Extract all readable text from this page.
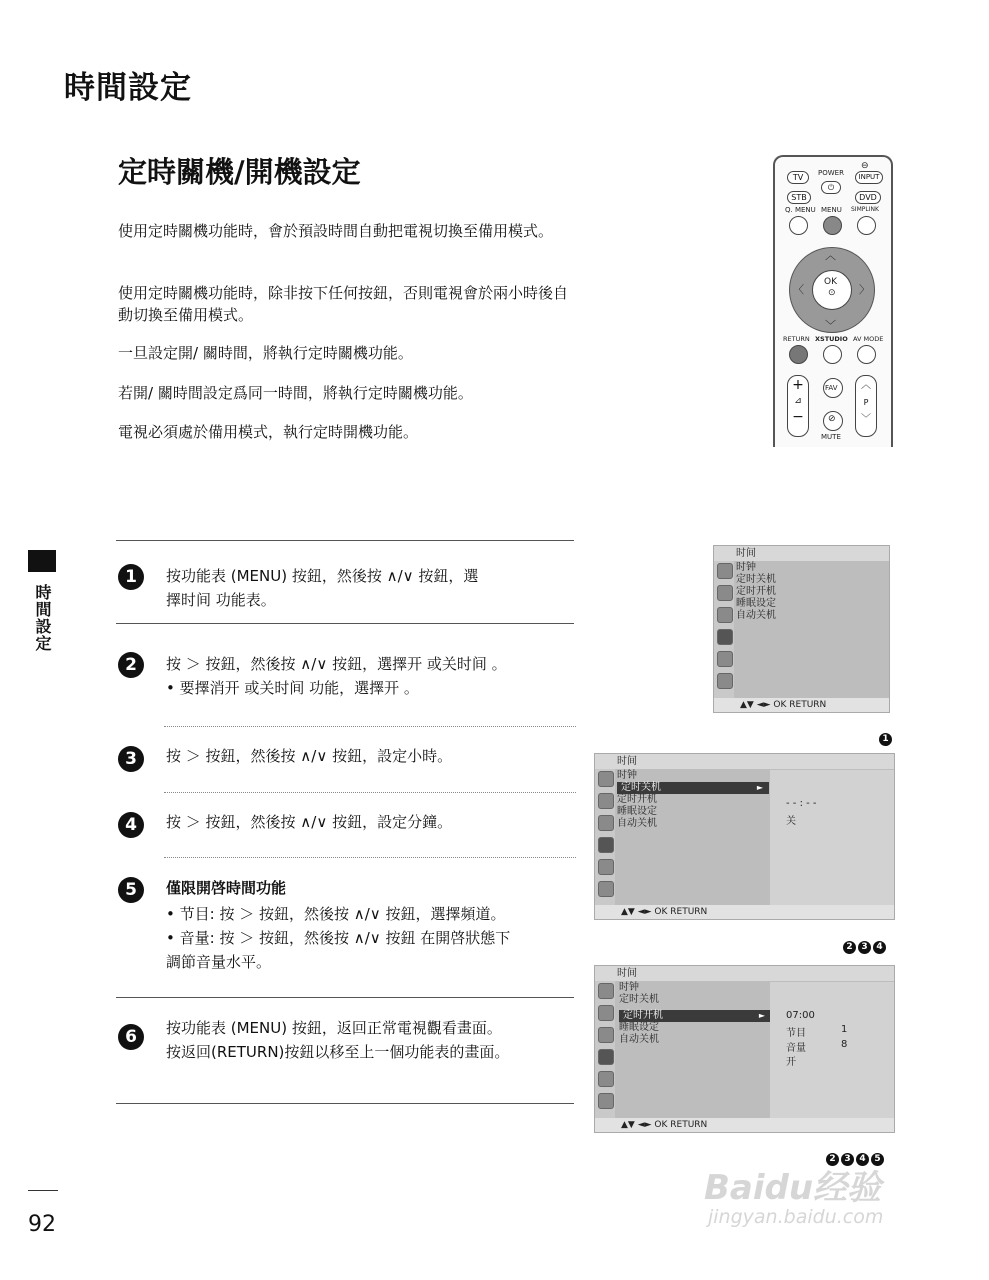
時間設定
定時關機/開機設定
使用定時關機功能時，會於預設時間自動把電視切換至備用模式。
使用定時關機功能時，除非按下任何按鈕，否則電視會於兩小時後自動切換至備用模式。
一旦設定開/ 關時間，將執行定時關機功能。
若開/ 關時間設定爲同一時間，將執行定時關機功能。
電視必須處於備用模式，執行定時開機功能。
TV	POWER
⏻
⊖
INPUT
STB	DVD
Q. MENU MENU SIMPLINK
OK
⊙
︿
﹀
〈	〉
RETURN XSTUDIO AV MODE
+
⊿
−
FAV
⊘
MUTE
︿
P
﹀
時間設定
1	按功能表 (MENU) 按鈕，然後按 ∧/∨ 按鈕，選
擇时间 功能表。
2	按 ＞ 按鈕，然後按 ∧/∨ 按鈕，選擇开 或关时间 。
• 要擇消开 或关时间 功能，選擇开 。
3	按 ＞ 按鈕，然後按 ∧/∨ 按鈕，設定小時。
4	按 ＞ 按鈕，然後按 ∧/∨ 按鈕，設定分鐘。
5	僅限開啓時間功能
• 节目: 按 ＞ 按鈕，然後按 ∧/∨ 按鈕，選擇頻道。
• 音量: 按 ＞ 按鈕，然後按 ∧/∨ 按鈕 在開啓狀態下
調節音量水平。
6	按功能表 (MENU) 按鈕，返回正常電視觀看畫面。
按返回(RETURN)按鈕以移至上一個功能表的畫面。
时间
时钟
定时关机
定时开机
睡眠设定
自动关机
▲▼ ◄► OK RETURN
1
时间
时钟
定时关机	►
定时开机
睡眠设定
自动关机
- - : - -
关
▲▼ ◄► OK RETURN
2 3 4
时间
时钟
定时关机
定时开机	►
睡眠设定
自动关机
07:00
节目	1
音量	8
开
▲▼ ◄► OK RETURN
2 3 4 5
Baidu经验
jingyan.baidu.com
92
